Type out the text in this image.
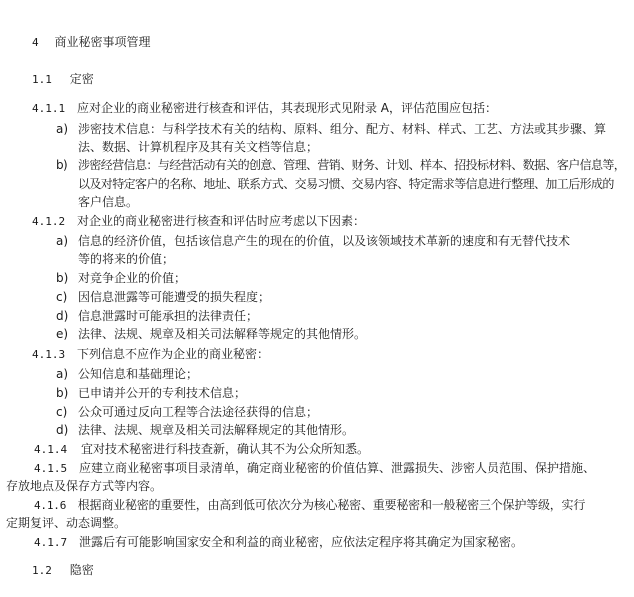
4 商业秘密事项管理
1.1 定密
4.1.1 应对企业的商业秘密进行核查和评估，其表现形式见附录 A，评估范围应包括：
a) 涉密技术信息：与科学技术有关的结构、原料、组分、配方、材料、样式、工艺、方法或其步骤、算
法、数据、计算机程序及其有关文档等信息；
b) 涉密经营信息：与经营活动有关的创意、管理、营销、财务、计划、样本、招投标材料、数据、客户信息等，
以及对特定客户的名称、地址、联系方式、交易习惯、交易内容、特定需求等信息进行整理、加工后形成的
客户信息。
4.1.2 对企业的商业秘密进行核查和评估时应考虑以下因素：
a) 信息的经济价值，包括该信息产生的现在的价值，以及该领域技术革新的速度和有无替代技术
等的将来的价值；
b) 对竞争企业的价值；
c) 因信息泄露等可能遭受的损失程度；
d) 信息泄露时可能承担的法律责任；
e) 法律、法规、规章及相关司法解释等规定的其他情形。
4.1.3 下列信息不应作为企业的商业秘密：
a) 公知信息和基础理论；
b) 已申请并公开的专利技术信息；
c) 公众可通过反向工程等合法途径获得的信息；
d) 法律、法规、规章及相关司法解释规定的其他情形。
4.1.4 宜对技术秘密进行科技查新，确认其不为公众所知悉。
4.1.5 应建立商业秘密事项目录清单，确定商业秘密的价值估算、泄露损失、涉密人员范围、保护措施、
存放地点及保存方式等内容。
4.1.6 根据商业秘密的重要性，由高到低可依次分为核心秘密、重要秘密和一般秘密三个保护等级，实行
定期复评、动态调整。
4.1.7 泄露后有可能影响国家安全和利益的商业秘密，应依法定程序将其确定为国家秘密。
1.2 隐密
